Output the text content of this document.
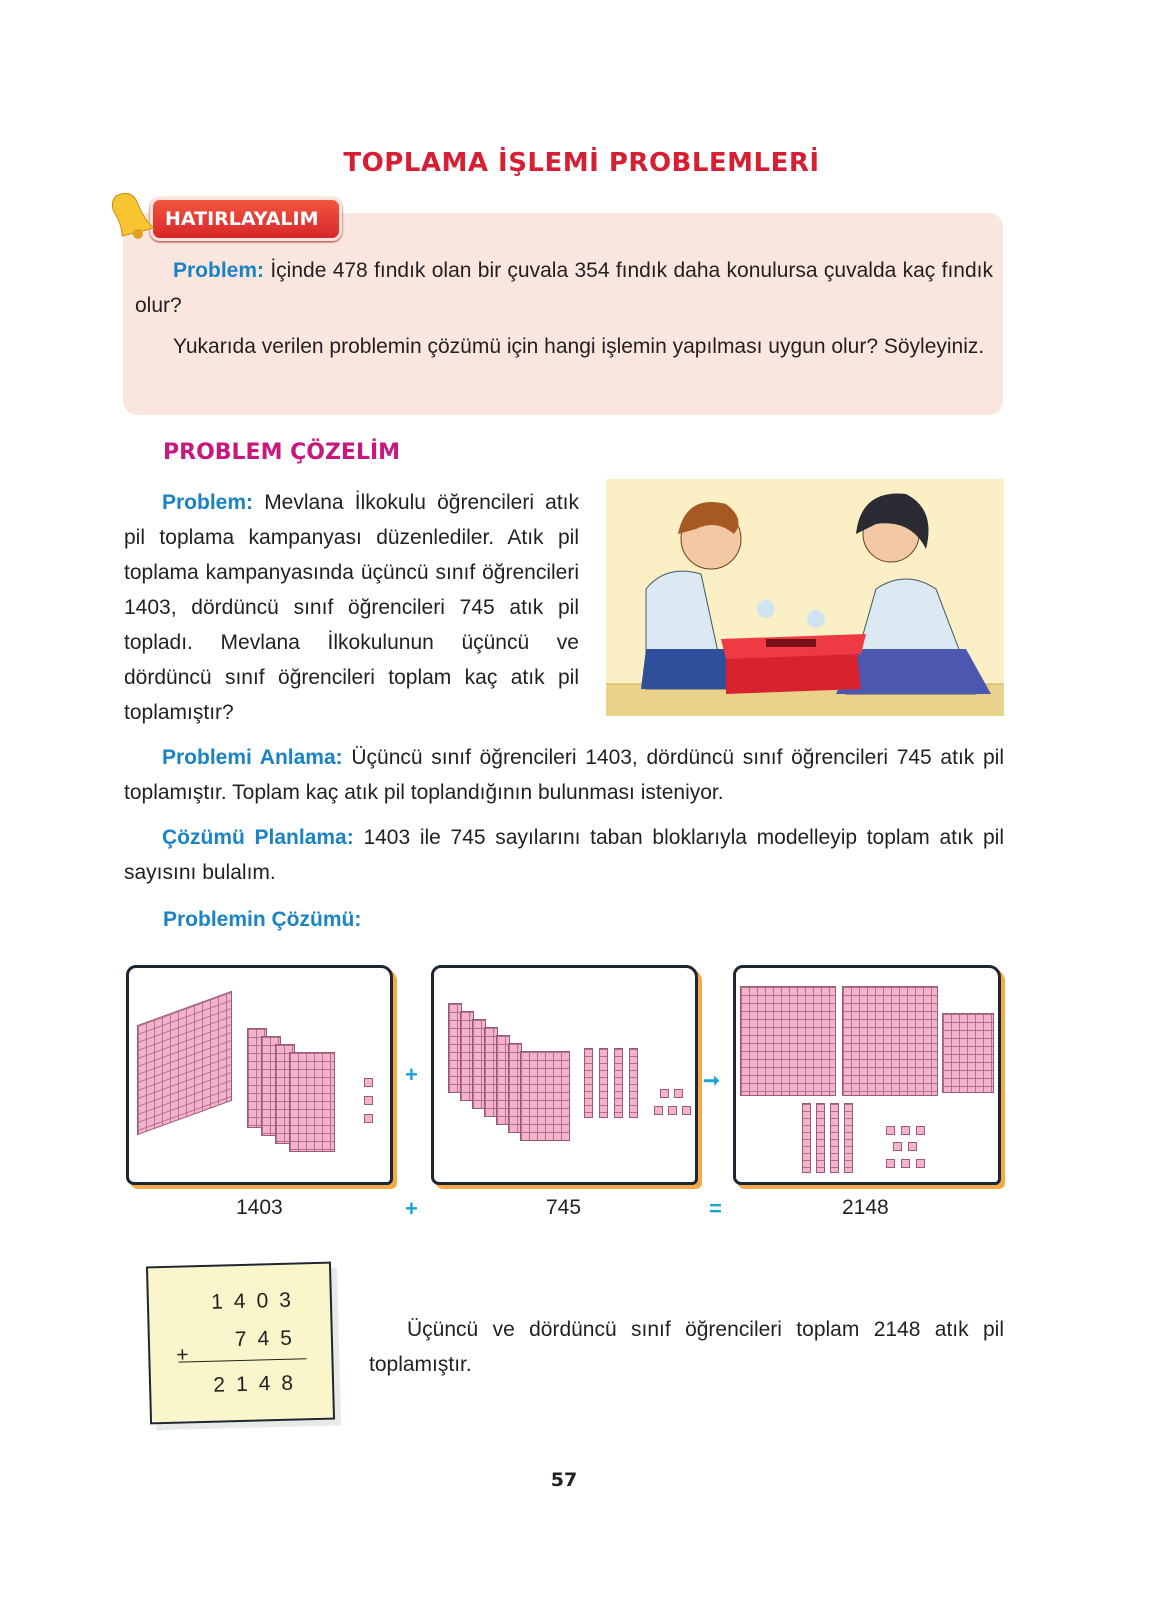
TOPLAMA İŞLEMİ PROBLEMLERİ
HATIRLAYALIM
Problem: İçinde 478 fındık olan bir çuvala 354 fındık daha konulursa çuvalda kaç fındık olur?
Yukarıda verilen problemin çözümü için hangi işlemin yapılması uygun olur? Söyleyiniz.
PROBLEM ÇÖZELİM
Problem: Mevlana İlkokulu öğrencileri atık pil toplama kampanyası düzenlediler. Atık pil toplama kampanyasında üçüncü sınıf öğrencileri 1403, dördüncü sınıf öğrencileri 745 atık pil topladı. Mevlana İlkokulunun üçüncü ve dördüncü sınıf öğrencileri toplam kaç atık pil toplamıştır?
Problemi Anlama: Üçüncü sınıf öğrencileri 1403, dördüncü sınıf öğrencileri 745 atık pil toplamıştır. Toplam kaç atık pil toplandığının bulunması isteniyor.
Çözümü Planlama: 1403 ile 745 sayılarını taban bloklarıyla modelleyip toplam atık pil sayısını bulalım.
Problemin Çözümü:
+	➞
1403	+	745	=	2148
1403
745
+
2148
Üçüncü ve dördüncü sınıf öğrencileri toplam 2148 atık pil toplamıştır.
57
